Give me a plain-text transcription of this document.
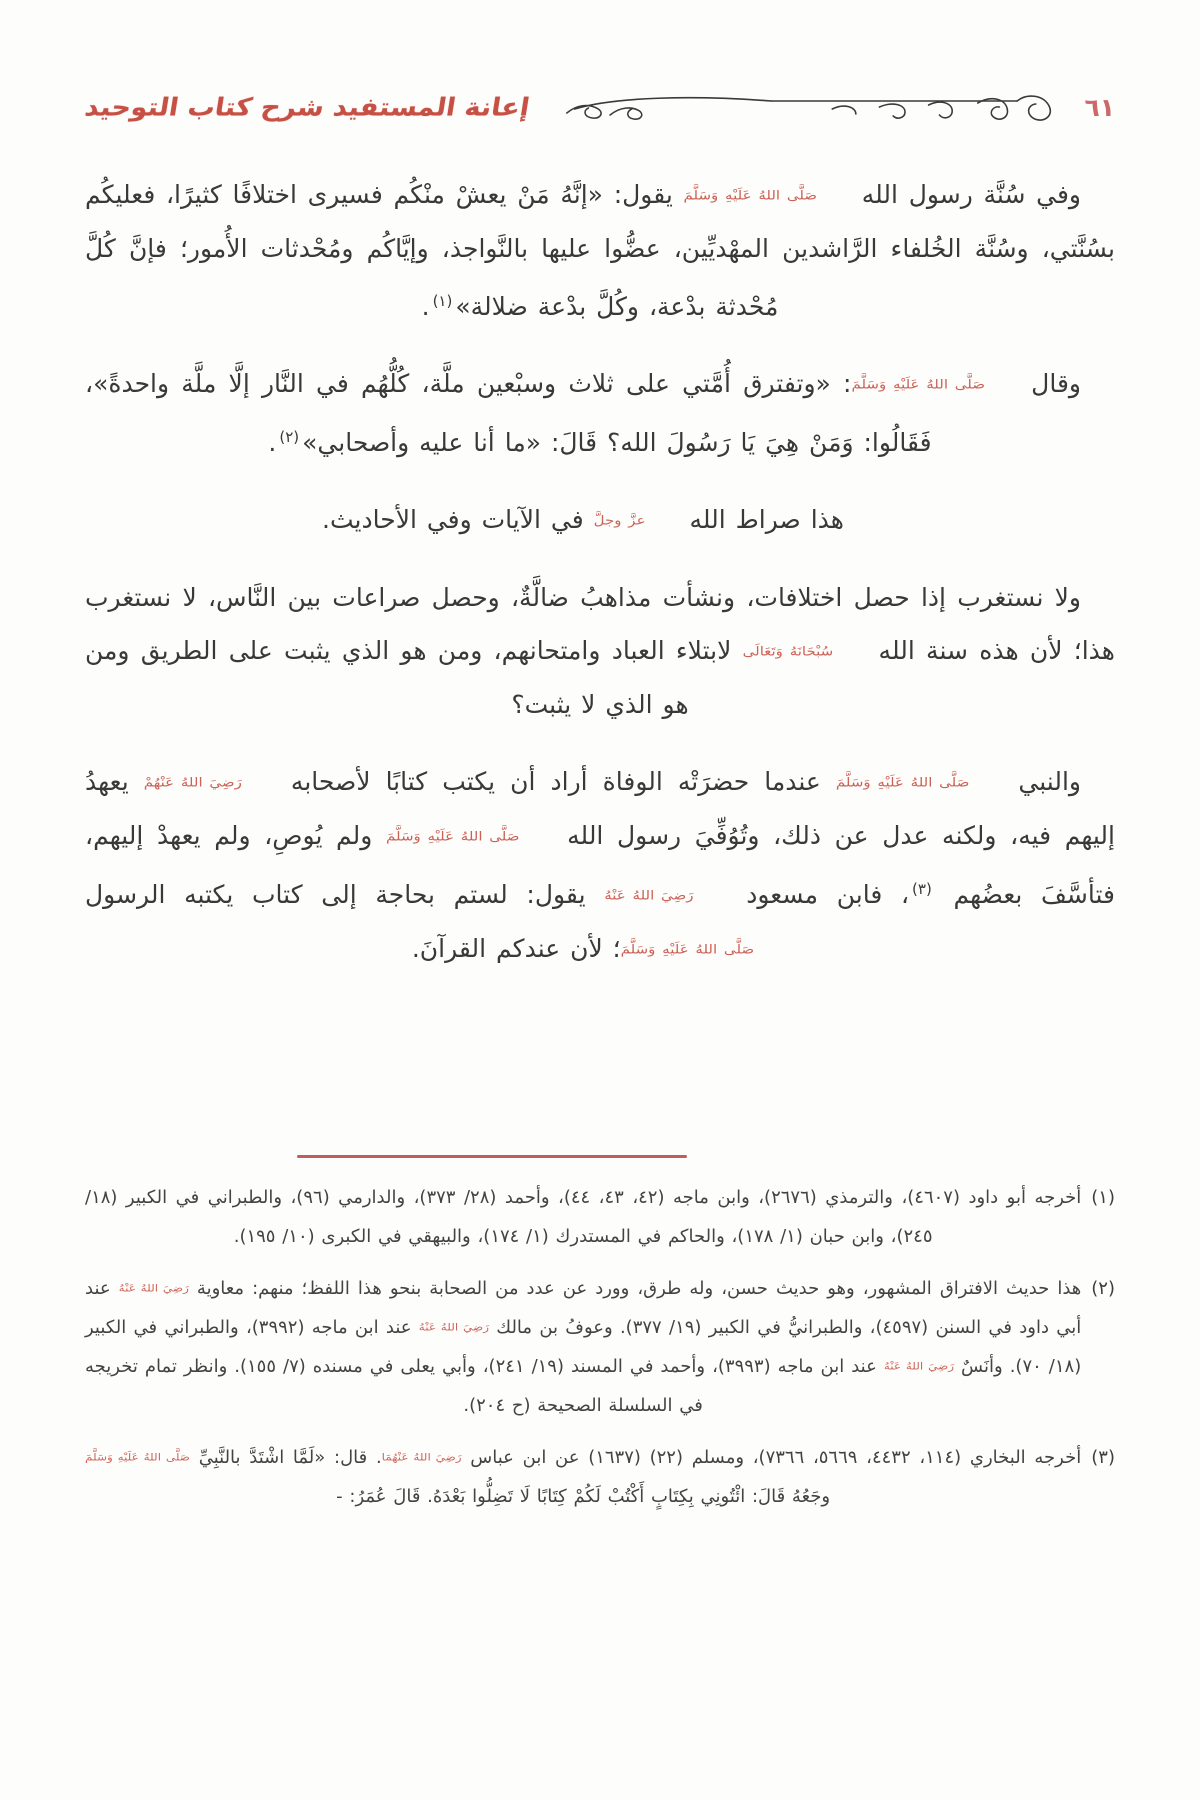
إعانة المستفيد شرح كتاب التوحيد	٦١

وفي سُنَّة رسول الله صَلَّى اللهُ عَلَيْهِ وَسَلَّمَ يقول: «إنَّهُ مَنْ يعشْ منْكُم فسيرى اختلافًا كثيرًا، فعليكُم بسُنَّتي، وسُنَّة الخُلفاء الرَّاشدين المهْديِّين، عضُّوا عليها بالنَّواجذ، وإيَّاكُم ومُحْدثات الأُمور؛ فإنَّ كُلَّ مُحْدثة بدْعة، وكُلَّ بدْعة ضلالة»$^{(١)}$.

وقال صَلَّى اللهُ عَلَيْهِ وَسَلَّمَ: «وتفترق أُمَّتي على ثلاث وسبْعين ملَّة، كُلُّهُم في النَّار إلَّا ملَّة واحدةً»، فَقَالُوا: وَمَنْ هِيَ يَا رَسُولَ الله؟ قَالَ: «ما أنا عليه وأصحابي»$^{(٢)}$.

هذا صراط الله عزَّ وجلَّ في الآيات وفي الأحاديث.

ولا نستغرب إذا حصل اختلافات، ونشأت مذاهبُ ضالَّةٌ، وحصل صراعات بين النَّاس، لا نستغرب هذا؛ لأن هذه سنة الله سُبْحَانَهُ وَتَعَالَى لابتلاء العباد وامتحانهم، ومن هو الذي يثبت على الطريق ومن هو الذي لا يثبت؟

والنبي صَلَّى اللهُ عَلَيْهِ وَسَلَّمَ عندما حضرَتْه الوفاة أراد أن يكتب كتابًا لأصحابه رَضِيَ اللهُ عَنْهُمْ يعهدُ إليهم فيه، ولكنه عدل عن ذلك، وتُوُفِّيَ رسول الله صَلَّى اللهُ عَلَيْهِ وَسَلَّمَ ولم يُوصِ، ولم يعهدْ إليهم، فتأسَّفَ بعضُهم $^{(٣)}$، فابن مسعود رَضِيَ اللهُ عَنْهُ يقول: لستم بحاجة إلى كتاب يكتبه الرسول صَلَّى اللهُ عَلَيْهِ وَسَلَّمَ؛ لأن عندكم القرآنَ.

(١)
أخرجه أبو داود (٤٦٠٧)، والترمذي (٢٦٧٦)، وابن ماجه (٤٢، ٤٣، ٤٤)، وأحمد (٢٨/ ٣٧٣)، والدارمي (٩٦)، والطبراني في الكبير (١٨/ ٢٤٥)، وابن حبان (١/ ١٧٨)، والحاكم في المستدرك (١/ ١٧٤)، والبيهقي في الكبرى (١٠/ ١٩٥).
(٢)
هذا حديث الافتراق المشهور، وهو حديث حسن، وله طرق، وورد عن عدد من الصحابة بنحو هذا اللفظ؛ منهم: معاوية رَضِيَ اللهُ عَنْهُ عند أبي داود في السنن (٤٥٩٧)، والطبرانيُّ في الكبير (١٩/ ٣٧٧). وعوفُ بن مالك رَضِيَ اللهُ عَنْهُ عند ابن ماجه (٣٩٩٢)، والطبراني في الكبير (١٨/ ٧٠). وأنَسٌ رَضِيَ اللهُ عَنْهُ عند ابن ماجه (٣٩٩٣)، وأحمد في المسند (١٩/ ٢٤١)، وأبي يعلى في مسنده (٧/ ١٥٥). وانظر تمام تخريجه في السلسلة الصحيحة (ح ٢٠٤).
(٣)
أخرجه البخاري (١١٤، ٤٤٣٢، ٥٦٦٩، ٧٣٦٦)، ومسلم (٢٢) (١٦٣٧) عن ابن عباس رَضِيَ اللهُ عَنْهُمَا. قال: «لَمَّا اشْتَدَّ بالنَّبِيِّ صَلَّى اللهُ عَلَيْهِ وَسَلَّمَ وجَعُهُ قَالَ: ائْتُونِي بِكِتَابٍ أَكْتُبْ لَكُمْ كِتَابًا لَا تَضِلُّوا بَعْدَهُ. قَالَ عُمَرُ: -
